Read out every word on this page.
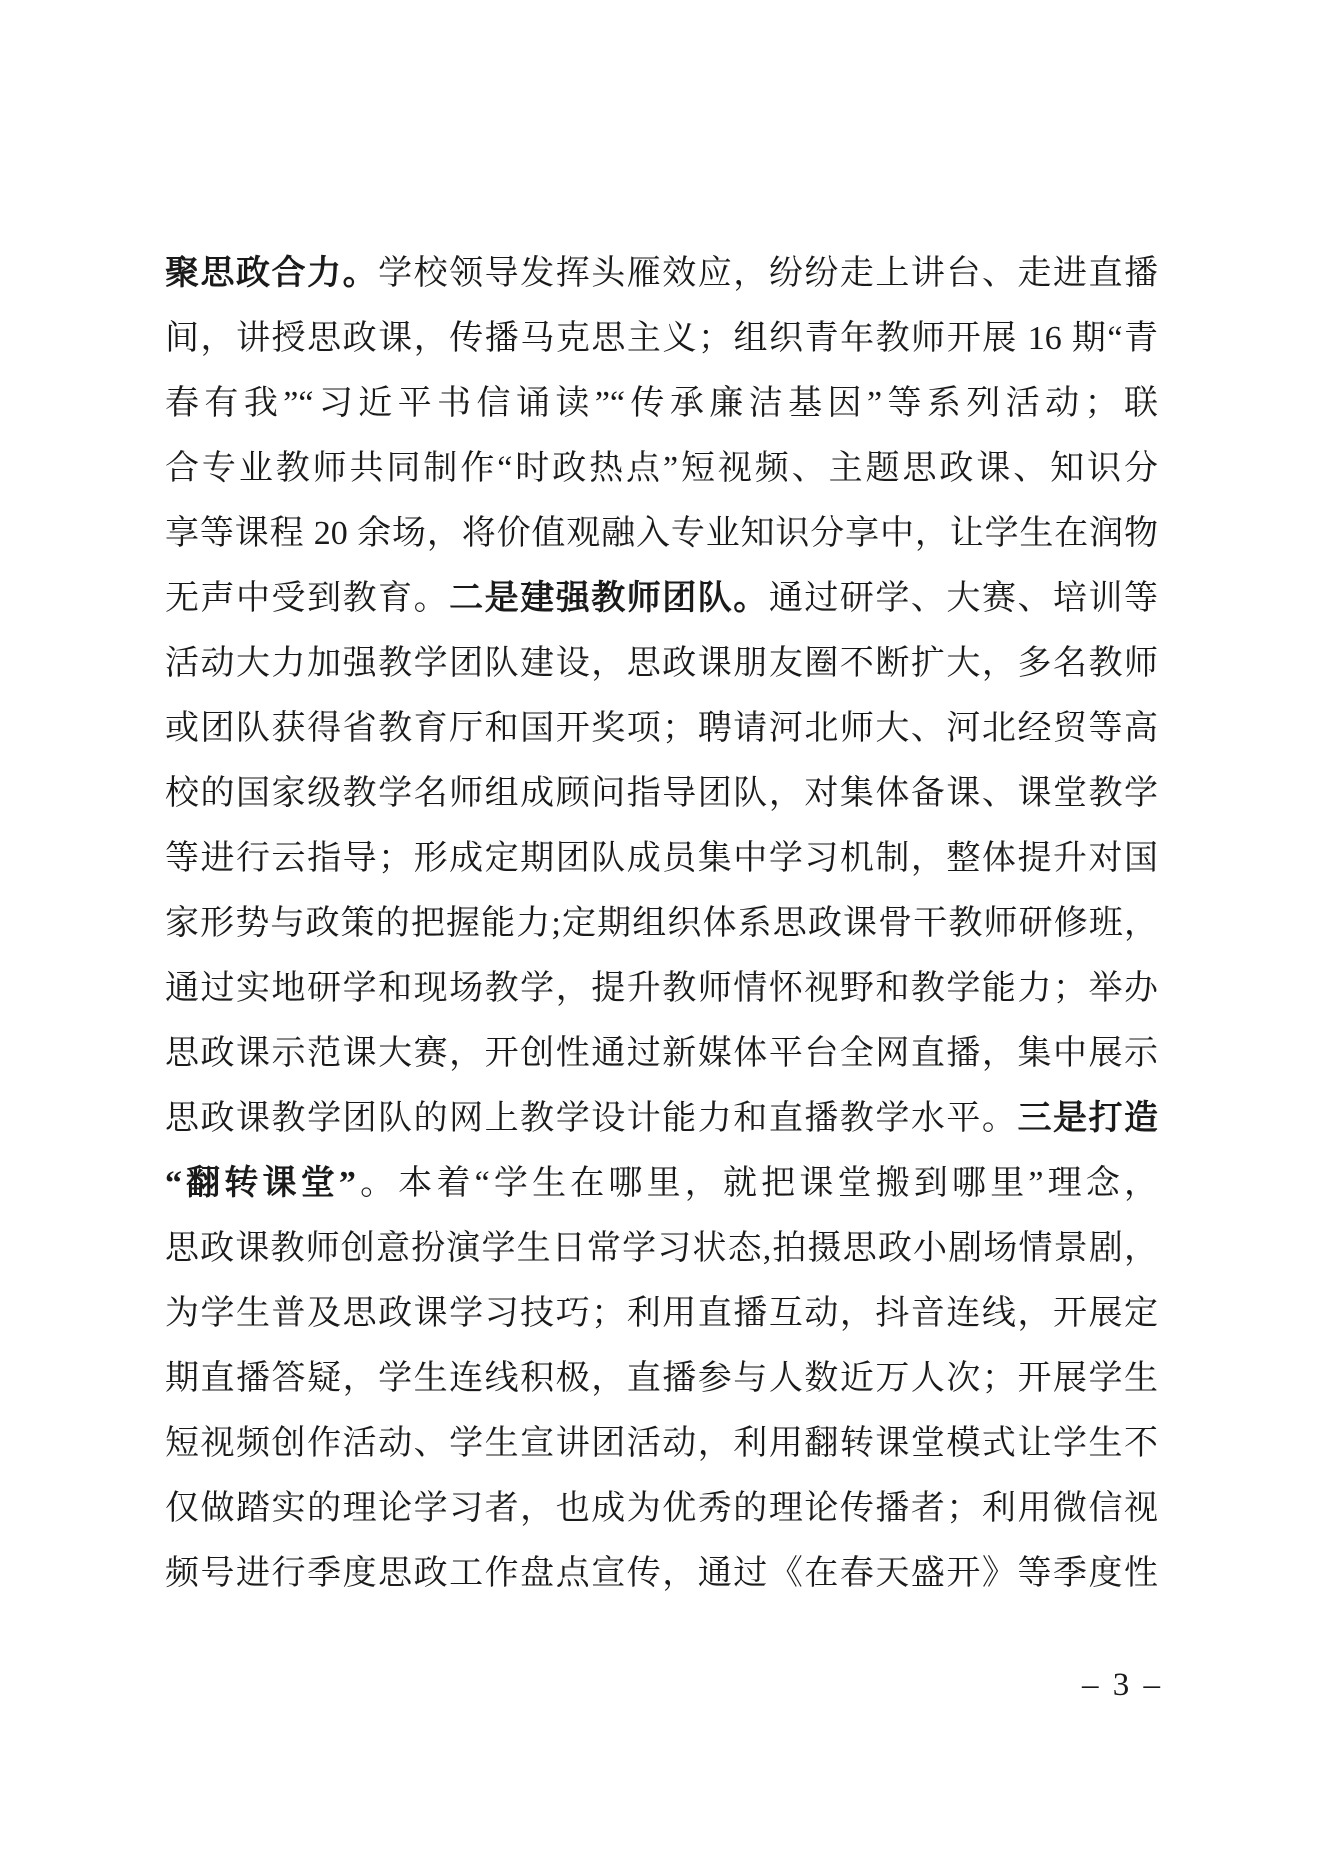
聚思政合力。学校领导发挥头雁效应，纷纷走上讲台、走进直播
间，讲授思政课，传播马克思主义；组织青年教师开展 16 期“青
春有我”“习近平书信诵读”“传承廉洁基因”等系列活动；联
合专业教师共同制作“时政热点”短视频、主题思政课、知识分
享等课程 20 余场，将价值观融入专业知识分享中，让学生在润物
无声中受到教育。二是建强教师团队。通过研学、大赛、培训等
活动大力加强教学团队建设，思政课朋友圈不断扩大，多名教师
或团队获得省教育厅和国开奖项；聘请河北师大、河北经贸等高
校的国家级教学名师组成顾问指导团队，对集体备课、课堂教学
等进行云指导；形成定期团队成员集中学习机制，整体提升对国
家形势与政策的把握能力;定期组织体系思政课骨干教师研修班，
通过实地研学和现场教学，提升教师情怀视野和教学能力；举办
思政课示范课大赛，开创性通过新媒体平台全网直播，集中展示
思政课教学团队的网上教学设计能力和直播教学水平。三是打造
“翻转课堂”。本着“学生在哪里，就把课堂搬到哪里”理念，
思政课教师创意扮演学生日常学习状态,拍摄思政小剧场情景剧，
为学生普及思政课学习技巧；利用直播互动，抖音连线，开展定
期直播答疑，学生连线积极，直播参与人数近万人次；开展学生
短视频创作活动、学生宣讲团活动，利用翻转课堂模式让学生不
仅做踏实的理论学习者，也成为优秀的理论传播者；利用微信视
频号进行季度思政工作盘点宣传，通过《在春天盛开》等季度性
– 3 –
